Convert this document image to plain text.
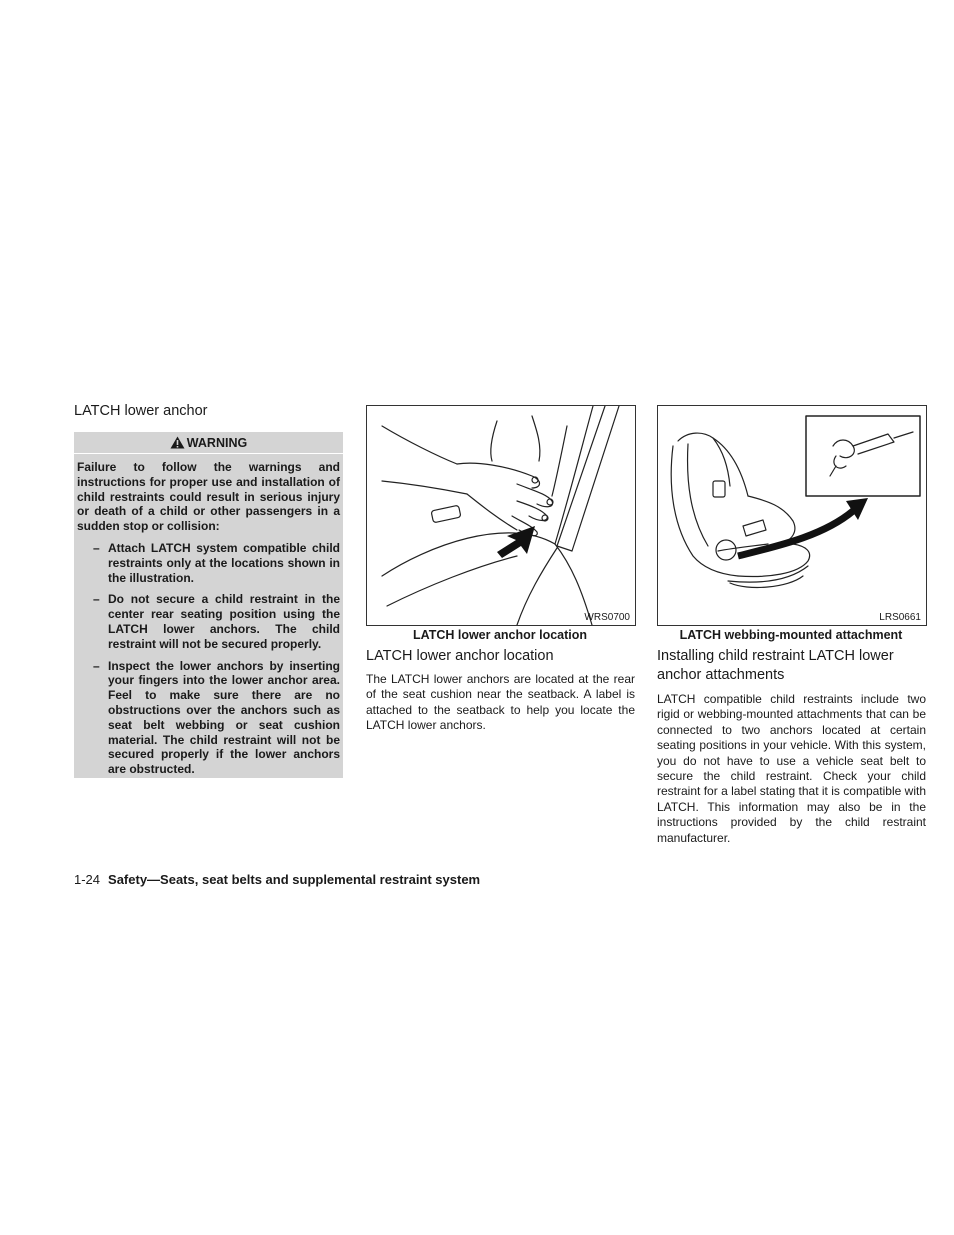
LATCH lower anchor
WARNING

Failure to follow the warnings and instructions for proper use and installation of child restraints could result in serious injury or death of a child or other passengers in a sudden stop or collision:

– Attach LATCH system compatible child restraints only at the locations shown in the illustration.
– Do not secure a child restraint in the center rear seating position using the LATCH lower anchors. The child restraint will not be secured properly.
– Inspect the lower anchors by inserting your fingers into the lower anchor area. Feel to make sure there are no obstructions over the anchors such as seat belt webbing or seat cushion material. The child restraint will not be secured properly if the lower anchors are obstructed.
WRS0700
LATCH lower anchor location
LATCH lower anchor location

The LATCH lower anchors are located at the rear of the seat cushion near the seatback. A label is attached to the seatback to help you locate the LATCH lower anchors.

LRS0661
LATCH webbing-mounted attachment
Installing child restraint LATCH lower anchor attachments

LATCH compatible child restraints include two rigid or webbing-mounted attachments that can be connected to two anchors located at certain seating positions in your vehicle. With this system, you do not have to use a vehicle seat belt to secure the child restraint. Check your child restraint for a label stating that it is compatible with LATCH. This information may also be in the instructions provided by the child restraint manufacturer.

1-24 Safety—Seats, seat belts and supplemental restraint system
